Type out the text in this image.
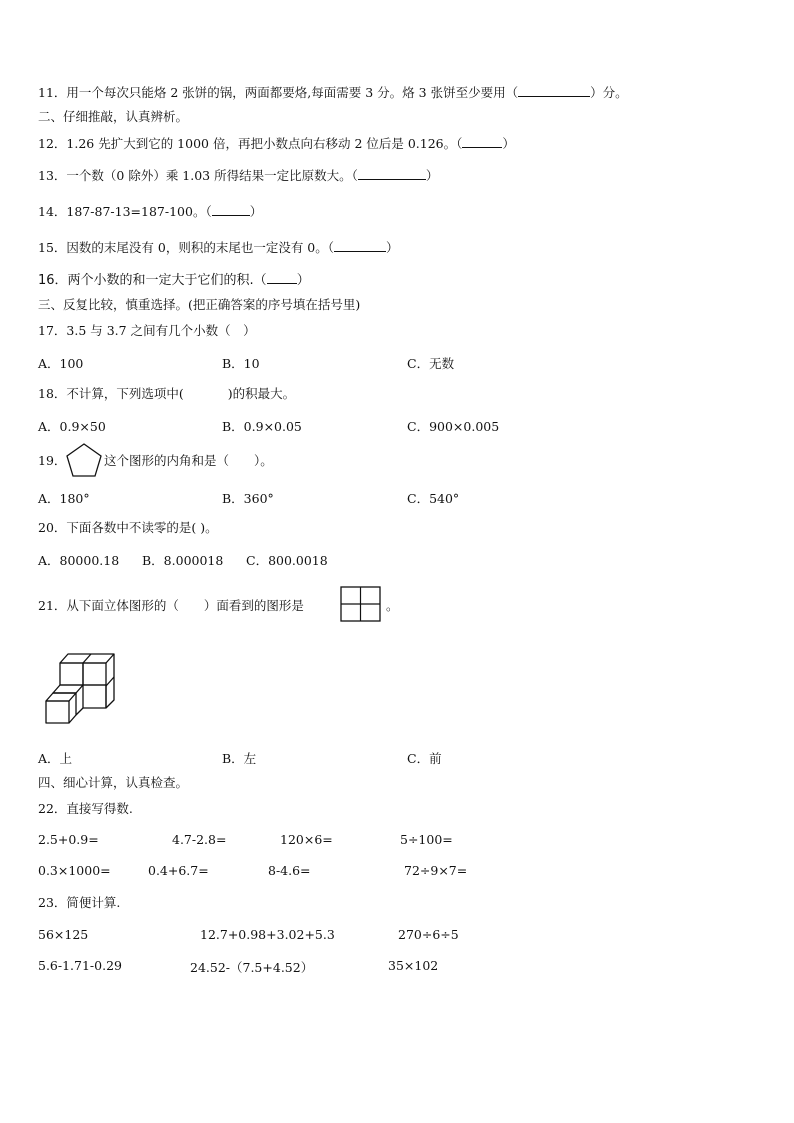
11．用一个每次只能烙 2 张饼的锅，两面都要烙,每面需要 3 分。烙 3 张饼至少要用（	）分。
二、仔细推敲，认真辨析。
12．1.26 先扩大到它的 1000 倍，再把小数点向右移动 2 位后是 0.126。（	）
13．一个数（0 除外）乘 1.03 所得结果一定比原数大。（	）
14．187-87-13=187-100。（	）
15．因数的末尾没有 0，则积的末尾也一定没有 0。（	）
16．两个小数的和一定大于它们的积.（ ）
三、反复比较，慎重选择。(把正确答案的序号填在括号里)
17．3.5 与 3.7 之间有几个小数（　）
A．100	B．10	C．无数
18．不计算，下列选项中(	)的积最大。
A．0.9×50	B．0.9×0.05	C．900×0.005
19．	这个图形的内角和是（　　）。
A．180°	B．360°	C．540°
20．下面各数中不读零的是( )。
A．80000.18 B．8.000018 C．800.0018
21．从下面立体图形的（　　）面看到的图形是	。
A．上	B．左	C．前
四、细心计算，认真检查。
22．直接写得数.
2.5+0.9=	4.7-2.8=	120×6=	5÷100=
0.3×1000=	0.4+6.7=	8-4.6=	72÷9×7=
23．简便计算.
56×125	12.7+0.98+3.02+5.3	270÷6÷5
5.6-1.71-0.29	24.52-（7.5+4.52）	35×102
